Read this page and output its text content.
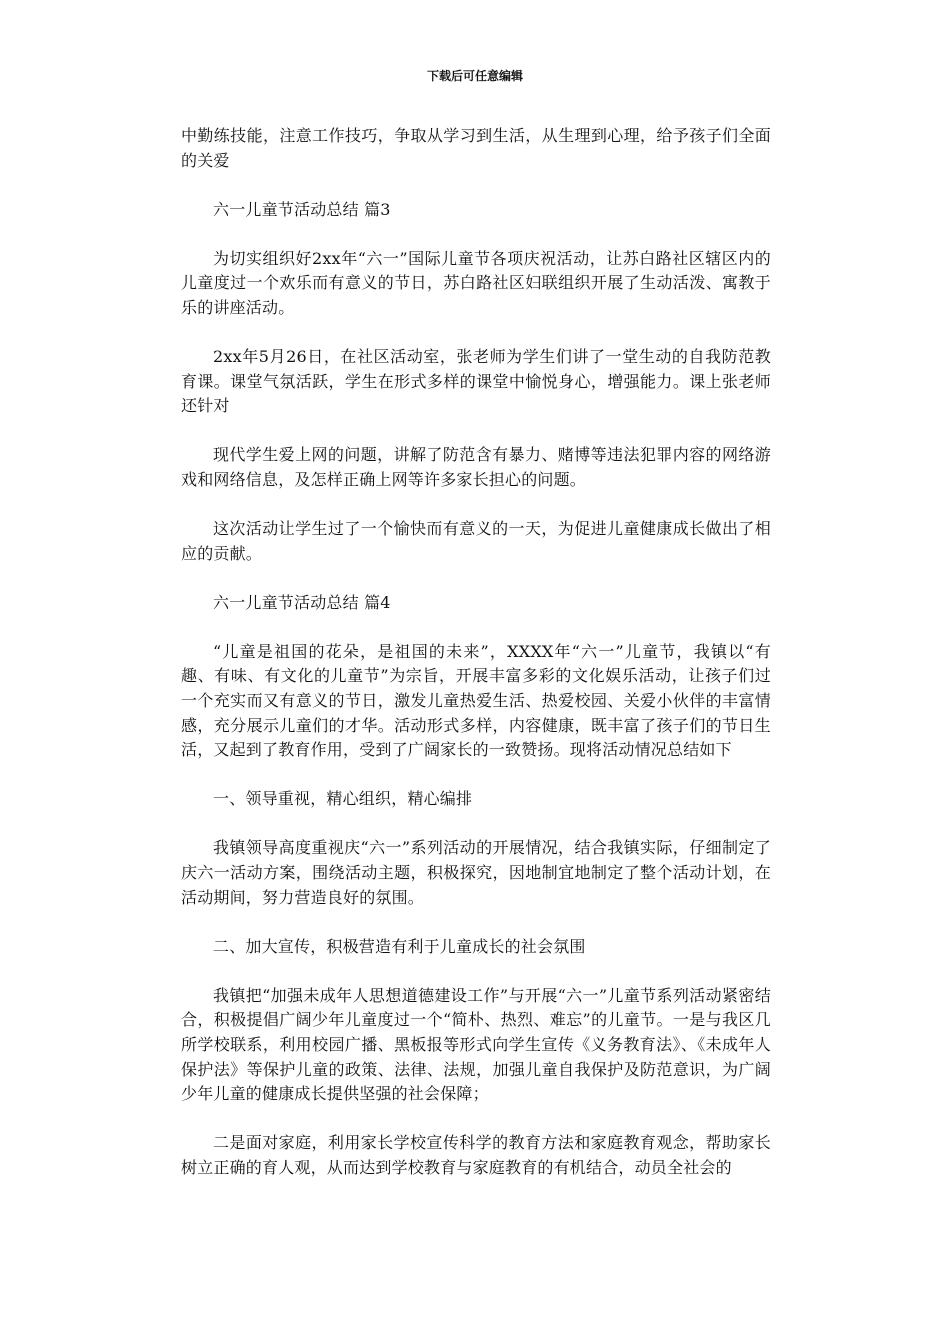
下载后可任意编辑

中勤练技能，注意工作技巧，争取从学习到生活，从生理到心理，给予孩子们全面的关爱

六一儿童节活动总结 篇3

为切实组织好2xx年“六一”国际儿童节各项庆祝活动，让苏白路社区辖区内的儿童度过一个欢乐而有意义的节日，苏白路社区妇联组织开展了生动活泼、寓教于乐的讲座活动。

2xx年5月26日，在社区活动室，张老师为学生们讲了一堂生动的自我防范教育课。课堂气氛活跃，学生在形式多样的课堂中愉悦身心，增强能力。课上张老师还针对

现代学生爱上网的问题，讲解了防范含有暴力、赌博等违法犯罪内容的网络游戏和网络信息，及怎样正确上网等许多家长担心的问题。

这次活动让学生过了一个愉快而有意义的一天，为促进儿童健康成长做出了相应的贡献。

六一儿童节活动总结 篇4

“儿童是祖国的花朵，是祖国的未来”，XXXX年“六一”儿童节，我镇以“有趣、有味、有文化的儿童节”为宗旨，开展丰富多彩的文化娱乐活动，让孩子们过一个充实而又有意义的节日，激发儿童热爱生活、热爱校园、关爱小伙伴的丰富情感，充分展示儿童们的才华。活动形式多样，内容健康，既丰富了孩子们的节日生活，又起到了教育作用，受到了广阔家长的一致赞扬。现将活动情况总结如下

一、领导重视，精心组织，精心编排

我镇领导高度重视庆“六一”系列活动的开展情况，结合我镇实际，仔细制定了庆六一活动方案，围绕活动主题，积极探究，因地制宜地制定了整个活动计划，在活动期间，努力营造良好的氛围。

二、加大宣传，积极营造有利于儿童成长的社会氛围

我镇把“加强未成年人思想道德建设工作”与开展“六一”儿童节系列活动紧密结合，积极提倡广阔少年儿童度过一个“简朴、热烈、难忘”的儿童节。一是与我区几所学校联系，利用校园广播、黑板报等形式向学生宣传《义务教育法》、《未成年人保护法》等保护儿童的政策、法律、法规，加强儿童自我保护及防范意识，为广阔少年儿童的健康成长提供坚强的社会保障；

二是面对家庭，利用家长学校宣传科学的教育方法和家庭教育观念，帮助家长树立正确的育人观，从而达到学校教育与家庭教育的有机结合，动员全社会的
